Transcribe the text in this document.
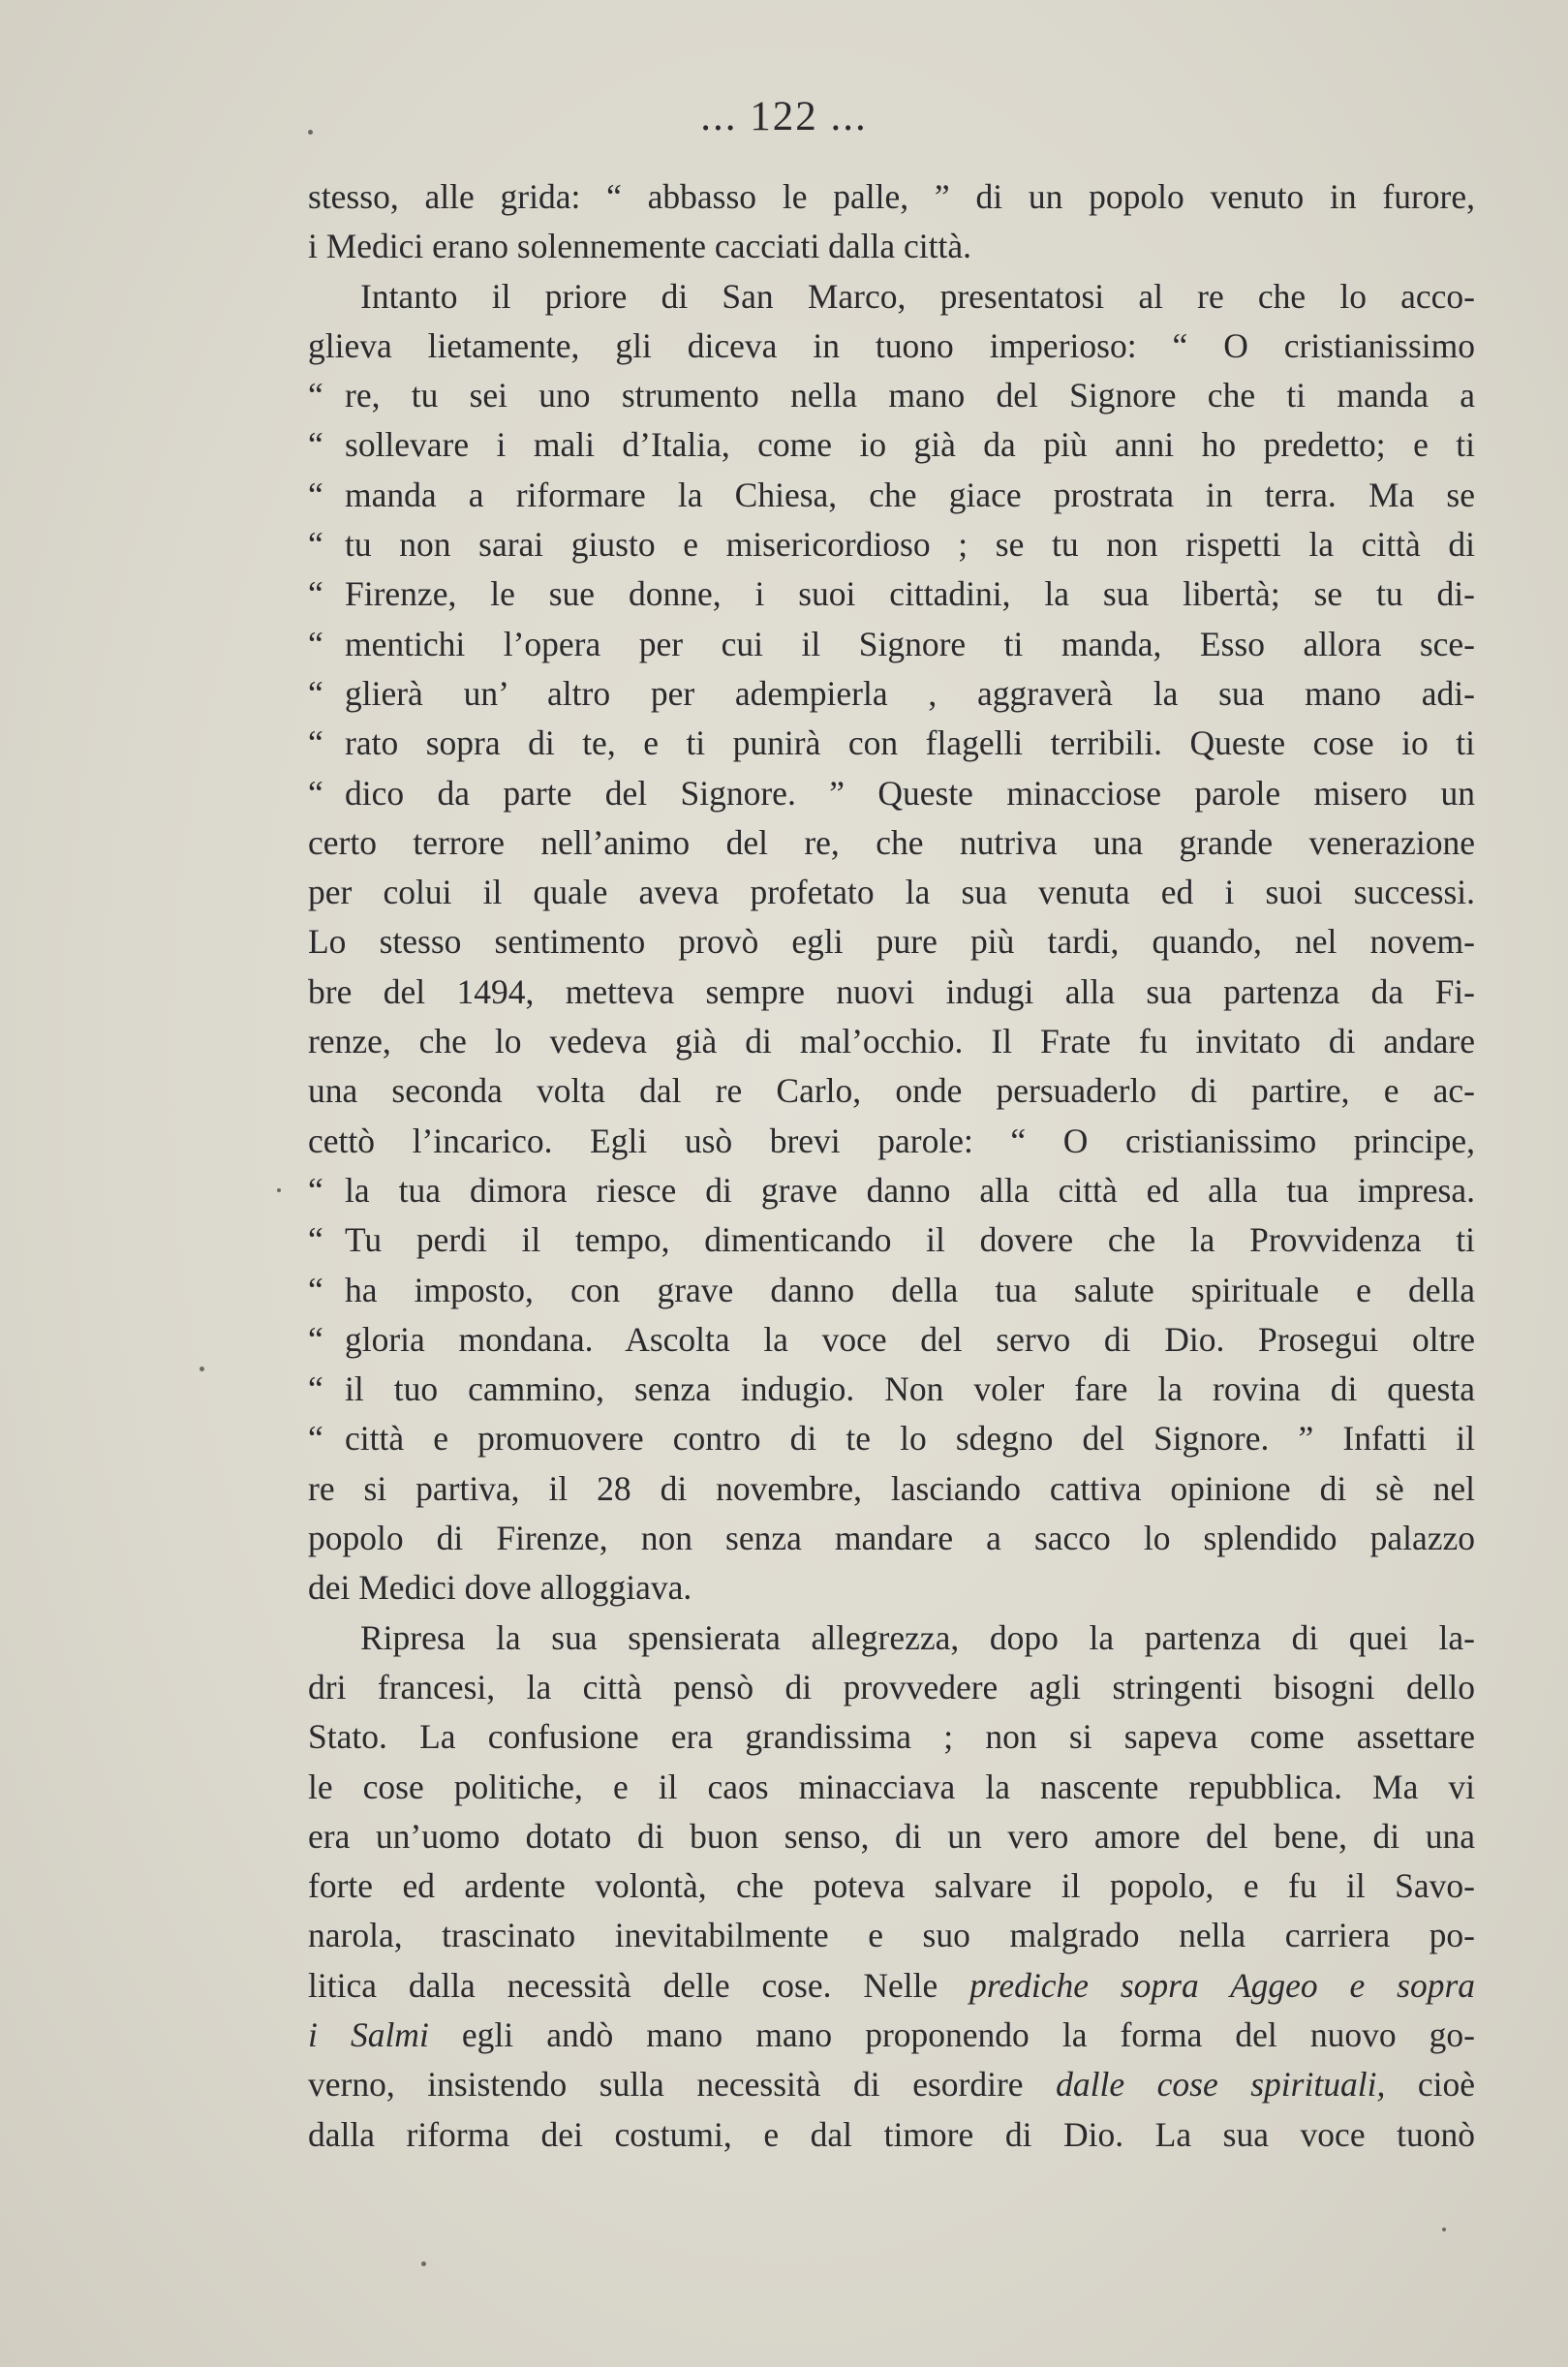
... 122 ...
stesso, alle grida: “ abbasso le palle, ” di un popolo venuto in furore,
i Medici erano solennemente cacciati dalla città.
Intanto il priore di San Marco, presentatosi al re che lo acco-
glieva lietamente, gli diceva in tuono imperioso: “ O cristianissimo
“ re, tu sei uno strumento nella mano del Signore che ti manda a
“ sollevare i mali d’Italia, come io già da più anni ho predetto; e ti
“ manda a riformare la Chiesa, che giace prostrata in terra. Ma se
“ tu non sarai giusto e misericordioso ; se tu non rispetti la città di
“ Firenze, le sue donne, i suoi cittadini, la sua libertà; se tu di-
“ mentichi l’opera per cui il Signore ti manda, Esso allora sce-
“ glierà un’ altro per adempierla , aggraverà la sua mano adi-
“ rato sopra di te, e ti punirà con flagelli terribili. Queste cose io ti
“ dico da parte del Signore. ” Queste minacciose parole misero un
certo terrore nell’animo del re, che nutriva una grande venerazione
per colui il quale aveva profetato la sua venuta ed i suoi successi.
Lo stesso sentimento provò egli pure più tardi, quando, nel novem-
bre del 1494, metteva sempre nuovi indugi alla sua partenza da Fi-
renze, che lo vedeva già di mal’occhio. Il Frate fu invitato di andare
una seconda volta dal re Carlo, onde persuaderlo di partire, e ac-
cettò l’incarico. Egli usò brevi parole: “ O cristianissimo principe,
“ la tua dimora riesce di grave danno alla città ed alla tua impresa.
“ Tu perdi il tempo, dimenticando il dovere che la Provvidenza ti
“ ha imposto, con grave danno della tua salute spirituale e della
“ gloria mondana. Ascolta la voce del servo di Dio. Prosegui oltre
“ il tuo cammino, senza indugio. Non voler fare la rovina di questa
“ città e promuovere contro di te lo sdegno del Signore. ” Infatti il
re si partiva, il 28 di novembre, lasciando cattiva opinione di sè nel
popolo di Firenze, non senza mandare a sacco lo splendido palazzo
dei Medici dove alloggiava.
Ripresa la sua spensierata allegrezza, dopo la partenza di quei la-
dri francesi, la città pensò di provvedere agli stringenti bisogni dello
Stato. La confusione era grandissima ; non si sapeva come assettare
le cose politiche, e il caos minacciava la nascente repubblica. Ma vi
era un’uomo dotato di buon senso, di un vero amore del bene, di una
forte ed ardente volontà, che poteva salvare il popolo, e fu il Savo-
narola, trascinato inevitabilmente e suo malgrado nella carriera po-
litica dalla necessità delle cose. Nelle prediche sopra Aggeo e sopra
i Salmi egli andò mano mano proponendo la forma del nuovo go-
verno, insistendo sulla necessità di esordire dalle cose spirituali, cioè
dalla riforma dei costumi, e dal timore di Dio. La sua voce tuonò
